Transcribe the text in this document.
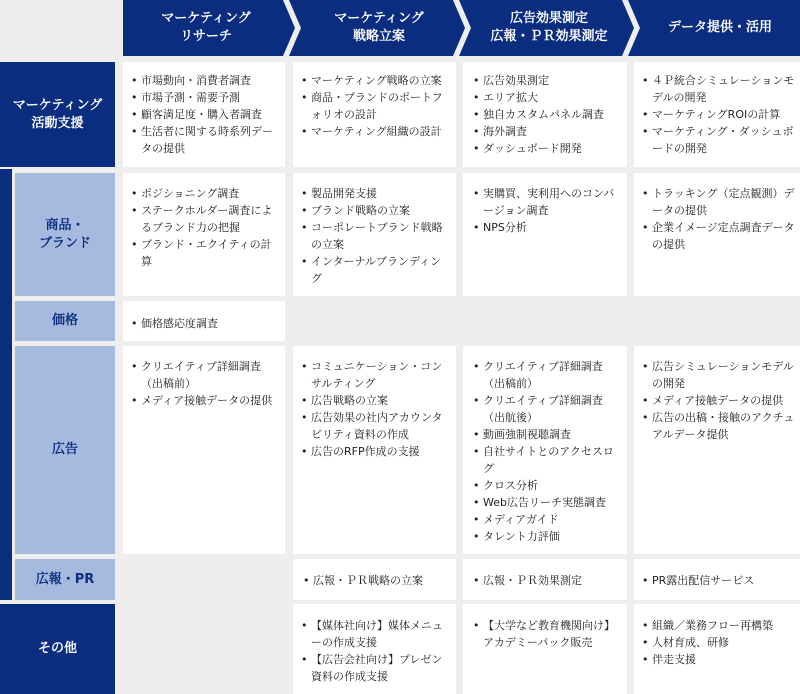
マーケティング
リサーチ
マーケティング
戦略立案
広告効果測定
広報・ＰＲ効果測定
データ提供・活用
マーケティング
活動支援
商品・
ブランド
価格
広告
広報・PR
その他
• 市場動向・消費者調査
• 市場予測・需要予測
• 顧客満足度・購入者調査
• 生活者に関する時系列データの提供
• マーケティング戦略の立案
• 商品・ブランドのポートフォリオの設計
• マーケティング組織の設計
• 広告効果測定
• エリア拡大
• 独自カスタムパネル調査
• 海外調査
• ダッシュボード開発
• ４Ｐ統合シミュレーションモデルの開発
• マーケティングROIの計算
• マーケティング・ダッシュボードの開発
• ポジショニング調査
• ステークホルダー調査によるブランド力の把握
• ブランド・エクイティの計算
• 製品開発支援
• ブランド戦略の立案
• コーポレートブランド戦略の立案
• インターナルブランディング
• 実購買、実利用へのコンバージョン調査
• NPS分析
• トラッキング（定点観測）データの提供
• 企業イメージ定点調査データの提供
• 価格感応度調査
• クリエイティブ詳細調査（出稿前）
• メディア接触データの提供
• コミュニケーション・コンサルティング
• 広告戦略の立案
• 広告効果の社内アカウンタビリティ資料の作成
• 広告のRFP作成の支援
• クリエイティブ詳細調査（出稿前）
• クリエイティブ詳細調査（出航後）
• 動画強制視聴調査
• 自社サイトとのアクセスログ
• クロス分析
• Web広告リーチ実態調査
• メディアガイド
• タレント力評価
• 広告シミュレーションモデルの開発
• メディア接触データの提供
• 広告の出稿・接触のアクチュアルデータ提供
• 広報・ＰＲ戦略の立案	• 広報・ＰＲ効果測定	• PR露出配信サービス
• 【媒体社向け】媒体メニューの作成支援
• 【広告会社向け】プレゼン資料の作成支援
• 【大学など教育機関向け】アカデミーパック販売
• 組織／業務フロー再構築
• 人材育成、研修
• 伴走支援
